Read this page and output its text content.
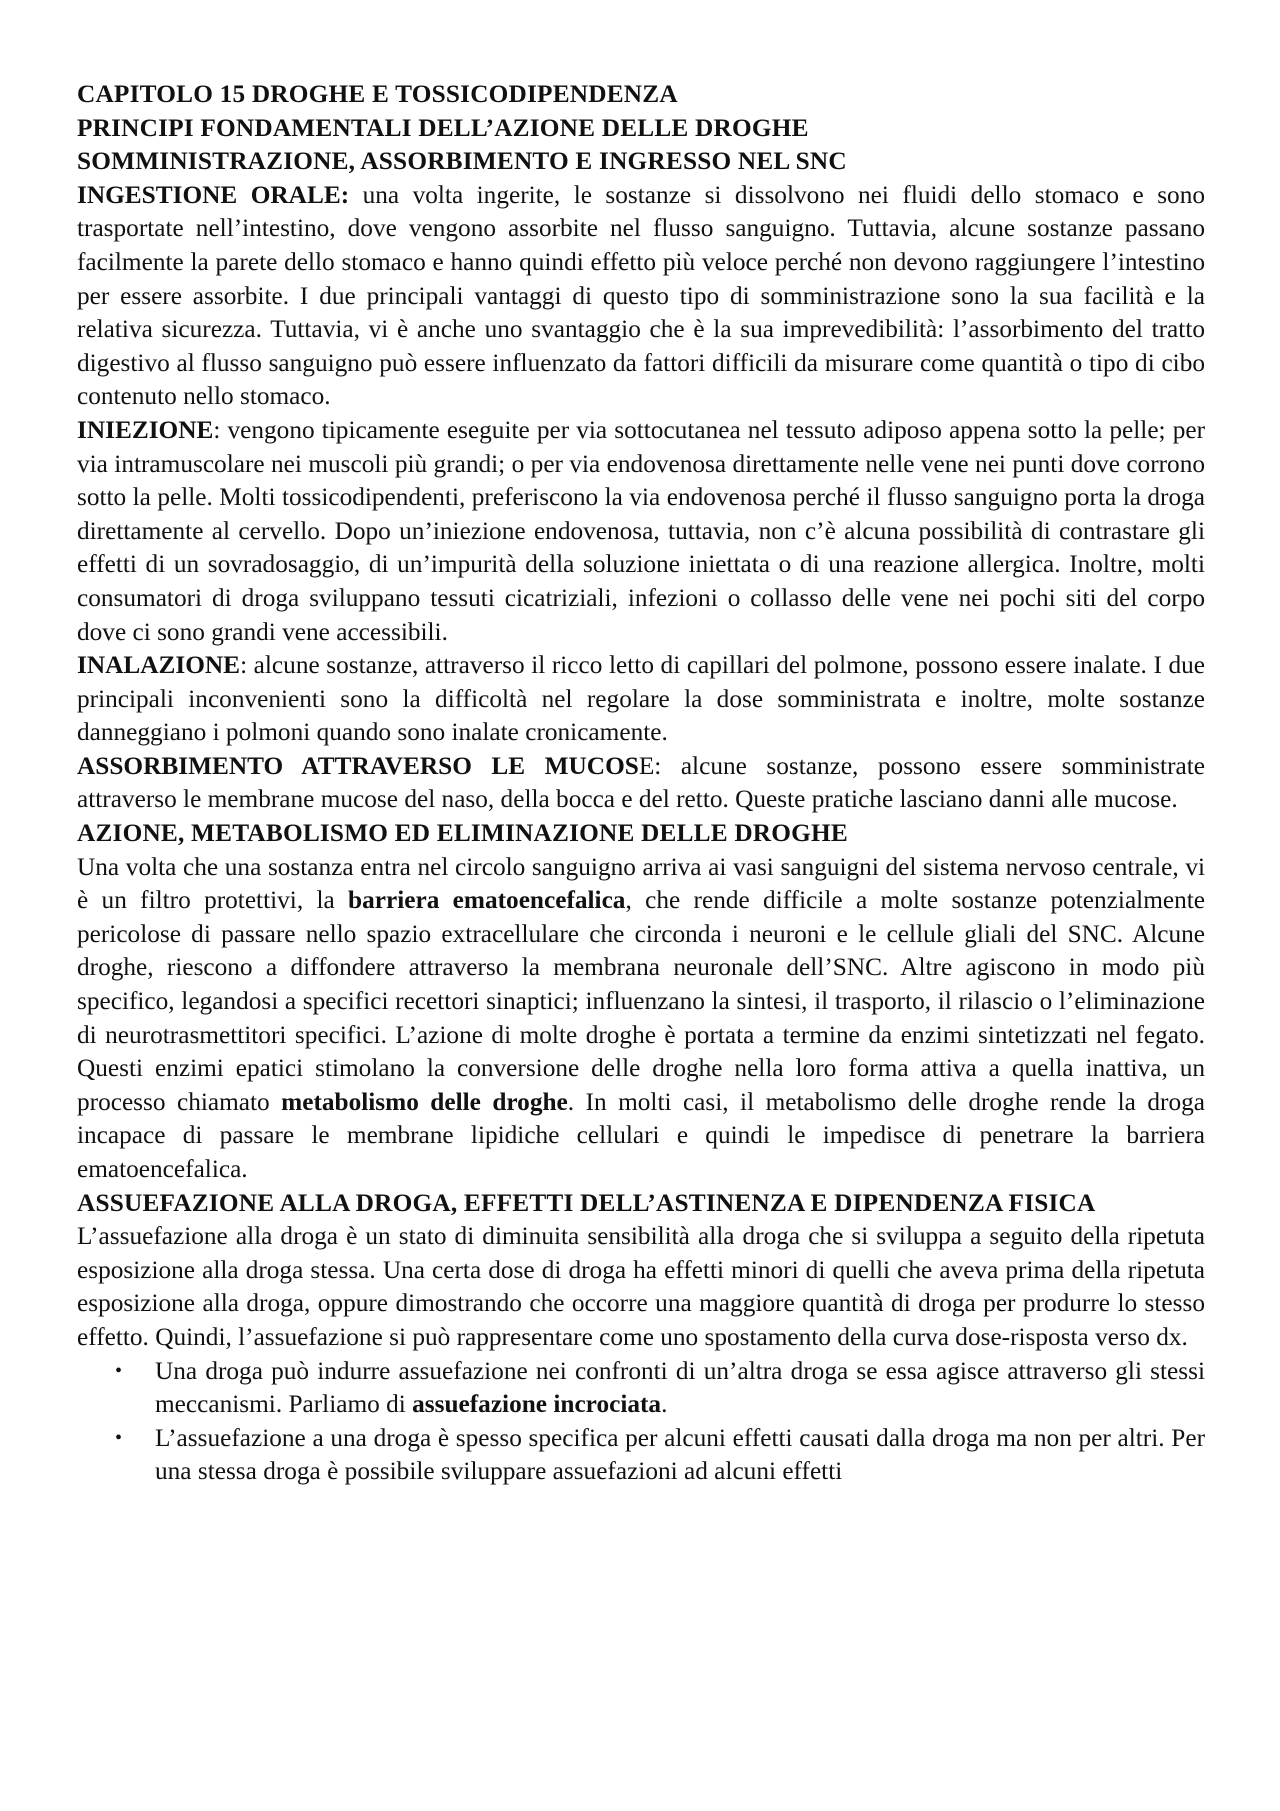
CAPITOLO 15 DROGHE E TOSSICODIPENDENZA
PRINCIPI FONDAMENTALI DELL’AZIONE DELLE DROGHE
SOMMINISTRAZIONE, ASSORBIMENTO E INGRESSO NEL SNC

INGESTIONE ORALE: una volta ingerite, le sostanze si dissolvono nei fluidi dello stomaco e sono trasportate nell’intestino, dove vengono assorbite nel flusso sanguigno. Tuttavia, alcune sostanze passano facilmente la parete dello stomaco e hanno quindi effetto più veloce perché non devono raggiungere l’intestino per essere assorbite. I due principali vantaggi di questo tipo di somministrazione sono la sua facilità e la relativa sicurezza. Tuttavia, vi è anche uno svantaggio che è la sua imprevedibilità: l’assorbimento del tratto digestivo al flusso sanguigno può essere influenzato da fattori difficili da misurare come quantità o tipo di cibo contenuto nello stomaco.

INIEZIONE: vengono tipicamente eseguite per via sottocutanea nel tessuto adiposo appena sotto la pelle; per via intramuscolare nei muscoli più grandi; o per via endovenosa direttamente nelle vene nei punti dove corrono sotto la pelle. Molti tossicodipendenti, preferiscono la via endovenosa perché il flusso sanguigno porta la droga direttamente al cervello. Dopo un’iniezione endovenosa, tuttavia, non c’è alcuna possibilità di contrastare gli effetti di un sovradosaggio, di un’impurità della soluzione iniettata o di una reazione allergica. Inoltre, molti consumatori di droga sviluppano tessuti cicatriziali, infezioni o collasso delle vene nei pochi siti del corpo dove ci sono grandi vene accessibili.

INALAZIONE: alcune sostanze, attraverso il ricco letto di capillari del polmone, possono essere inalate. I due principali inconvenienti sono la difficoltà nel regolare la dose somministrata e inoltre, molte sostanze danneggiano i polmoni quando sono inalate cronicamente.

ASSORBIMENTO ATTRAVERSO LE MUCOSE: alcune sostanze, possono essere somministrate attraverso le membrane mucose del naso, della bocca e del retto. Queste pratiche lasciano danni alle mucose.

AZIONE, METABOLISMO ED ELIMINAZIONE DELLE DROGHE

Una volta che una sostanza entra nel circolo sanguigno arriva ai vasi sanguigni del sistema nervoso centrale, vi è un filtro protettivi, la barriera ematoencefalica, che rende difficile a molte sostanze potenzialmente pericolose di passare nello spazio extracellulare che circonda i neuroni e le cellule gliali del SNC. Alcune droghe, riescono a diffondere attraverso la membrana neuronale dell’SNC. Altre agiscono in modo più specifico, legandosi a specifici recettori sinaptici; influenzano la sintesi, il trasporto, il rilascio o l’eliminazione di neurotrasmettitori specifici. L’azione di molte droghe è portata a termine da enzimi sintetizzati nel fegato. Questi enzimi epatici stimolano la conversione delle droghe nella loro forma attiva a quella inattiva, un processo chiamato metabolismo delle droghe. In molti casi, il metabolismo delle droghe rende la droga incapace di passare le membrane lipidiche cellulari e quindi le impedisce di penetrare la barriera ematoencefalica.

ASSUEFAZIONE ALLA DROGA, EFFETTI DELL’ASTINENZA E DIPENDENZA FISICA

L’assuefazione alla droga è un stato di diminuita sensibilità alla droga che si sviluppa a seguito della ripetuta esposizione alla droga stessa. Una certa dose di droga ha effetti minori di quelli che aveva prima della ripetuta esposizione alla droga, oppure dimostrando che occorre una maggiore quantità di droga per produrre lo stesso effetto. Quindi, l’assuefazione si può rappresentare come uno spostamento della curva dose-risposta verso dx.

• Una droga può indurre assuefazione nei confronti di un’altra droga se essa agisce attraverso gli stessi meccanismi. Parliamo di assuefazione incrociata.
• L’assuefazione a una droga è spesso specifica per alcuni effetti causati dalla droga ma non per altri. Per una stessa droga è possibile sviluppare assuefazioni ad alcuni effetti
